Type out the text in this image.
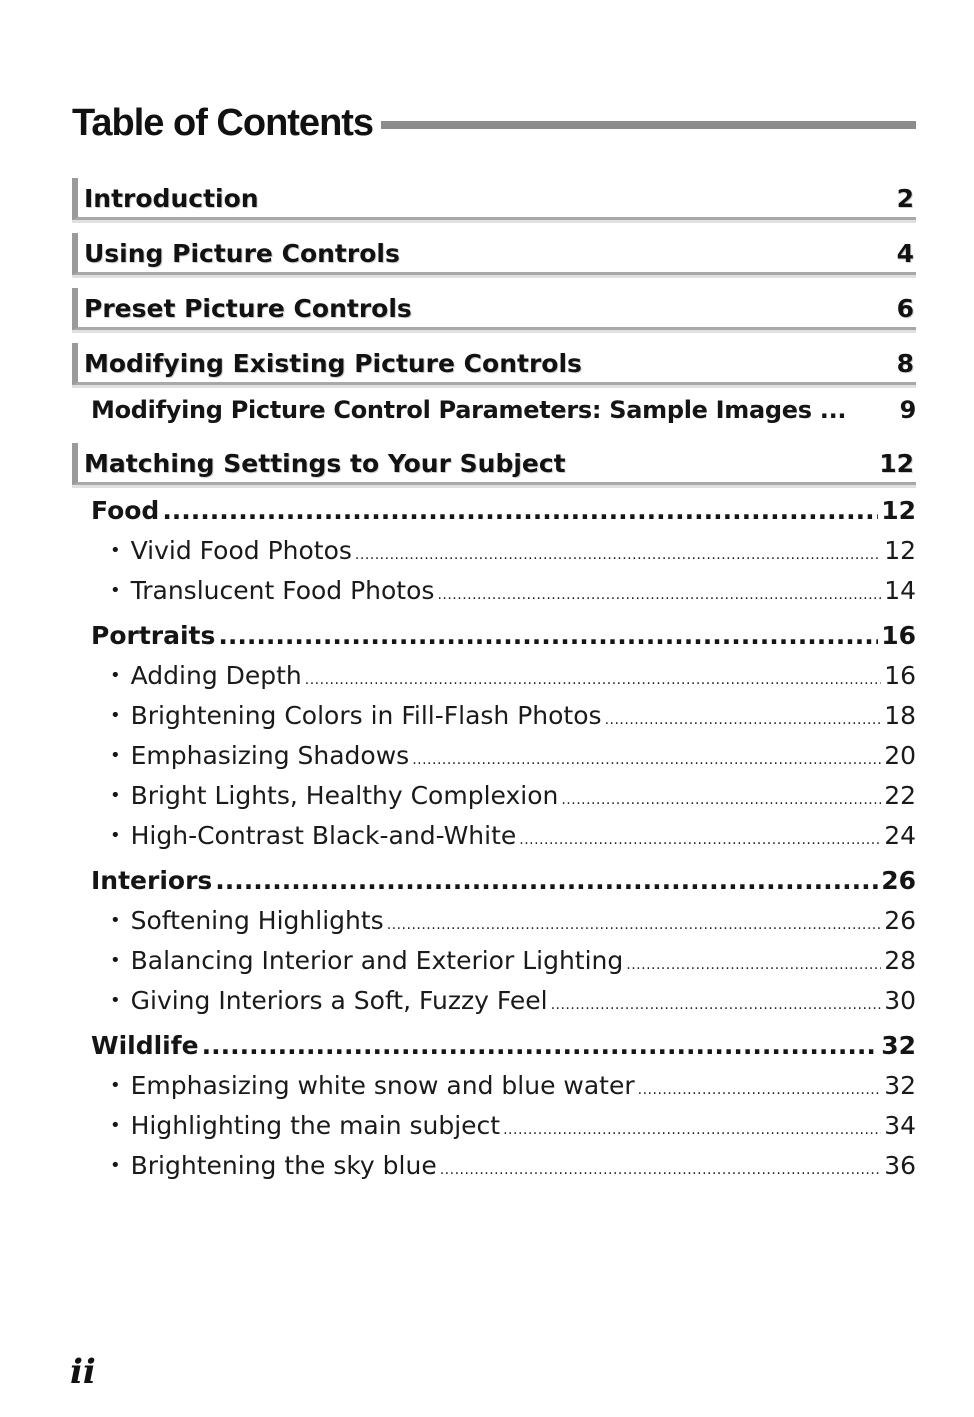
Table of Contents
Introduction	2
Using Picture Controls	4
Preset Picture Controls	6
Modifying Existing Picture Controls	8
Modifying Picture Control Parameters: Sample Images ... 9
Matching Settings to Your Subject	12
Food .....	12
• Vivid Food Photos .....	12
• Translucent Food Photos .....	14
Portraits .....	16
• Adding Depth .....	16
• Brightening Colors in Fill-Flash Photos .....	18
• Emphasizing Shadows .....	20
• Bright Lights, Healthy Complexion .....	22
• High-Contrast Black-and-White .....	24
Interiors .....	26
• Softening Highlights .....	26
• Balancing Interior and Exterior Lighting .....	28
• Giving Interiors a Soft, Fuzzy Feel .....	30
Wildlife .....	32
• Emphasizing white snow and blue water .....	32
• Highlighting the main subject .....	34
• Brightening the sky blue .....	36
ii
